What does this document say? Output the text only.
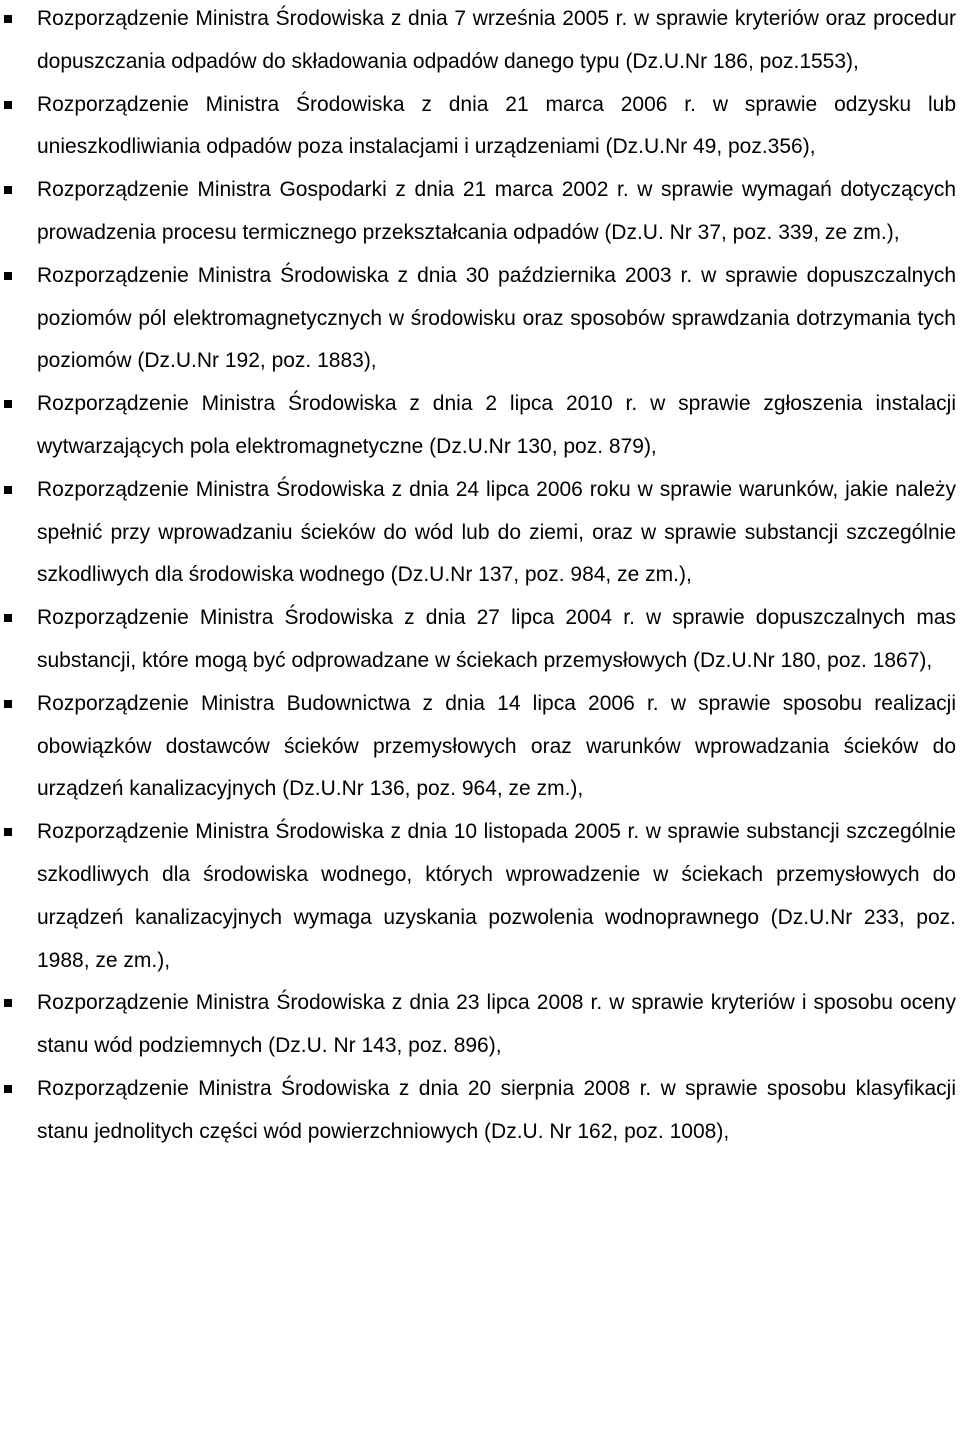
Rozporządzenie Ministra Środowiska z dnia 7 września 2005 r. w sprawie kryteriów oraz procedur dopuszczania odpadów do składowania odpadów danego typu (Dz.U.Nr 186, poz.1553),

Rozporządzenie Ministra Środowiska z dnia 21 marca 2006 r. w sprawie odzysku lub unieszkodliwiania odpadów poza instalacjami i urządzeniami (Dz.U.Nr 49, poz.356),

Rozporządzenie Ministra Gospodarki z dnia 21 marca 2002 r. w sprawie wymagań dotyczących prowadzenia procesu termicznego przekształcania odpadów (Dz.U. Nr 37, poz. 339, ze zm.),

Rozporządzenie Ministra Środowiska z dnia 30 października 2003 r. w sprawie dopuszczalnych poziomów pól elektromagnetycznych w środowisku oraz sposobów sprawdzania dotrzymania tych poziomów (Dz.U.Nr 192, poz. 1883),

Rozporządzenie Ministra Środowiska z dnia 2 lipca 2010 r. w sprawie zgłoszenia instalacji wytwarzających pola elektromagnetyczne (Dz.U.Nr 130, poz. 879),

Rozporządzenie Ministra Środowiska z dnia 24 lipca 2006 roku w sprawie warunków, jakie należy spełnić przy wprowadzaniu ścieków do wód lub do ziemi, oraz w sprawie substancji szczególnie szkodliwych dla środowiska wodnego (Dz.U.Nr 137, poz. 984, ze zm.),

Rozporządzenie Ministra Środowiska z dnia 27 lipca 2004 r. w sprawie dopuszczalnych mas substancji, które mogą być odprowadzane w ściekach przemysłowych (Dz.U.Nr 180, poz. 1867),

Rozporządzenie Ministra Budownictwa z dnia 14 lipca 2006 r. w sprawie sposobu realizacji obowiązków dostawców ścieków przemysłowych oraz warunków wprowadzania ścieków do urządzeń kanalizacyjnych (Dz.U.Nr 136, poz. 964, ze zm.),

Rozporządzenie Ministra Środowiska z dnia 10 listopada 2005 r. w sprawie substancji szczególnie szkodliwych dla środowiska wodnego, których wprowadzenie w ściekach przemysłowych do urządzeń kanalizacyjnych wymaga uzyskania pozwolenia wodnoprawnego (Dz.U.Nr 233, poz. 1988, ze zm.),

Rozporządzenie Ministra Środowiska z dnia 23 lipca 2008 r. w sprawie kryteriów i sposobu oceny stanu wód podziemnych (Dz.U. Nr 143, poz. 896),

Rozporządzenie Ministra Środowiska z dnia 20 sierpnia 2008 r. w sprawie sposobu klasyfikacji stanu jednolitych części wód powierzchniowych (Dz.U. Nr 162, poz. 1008),
